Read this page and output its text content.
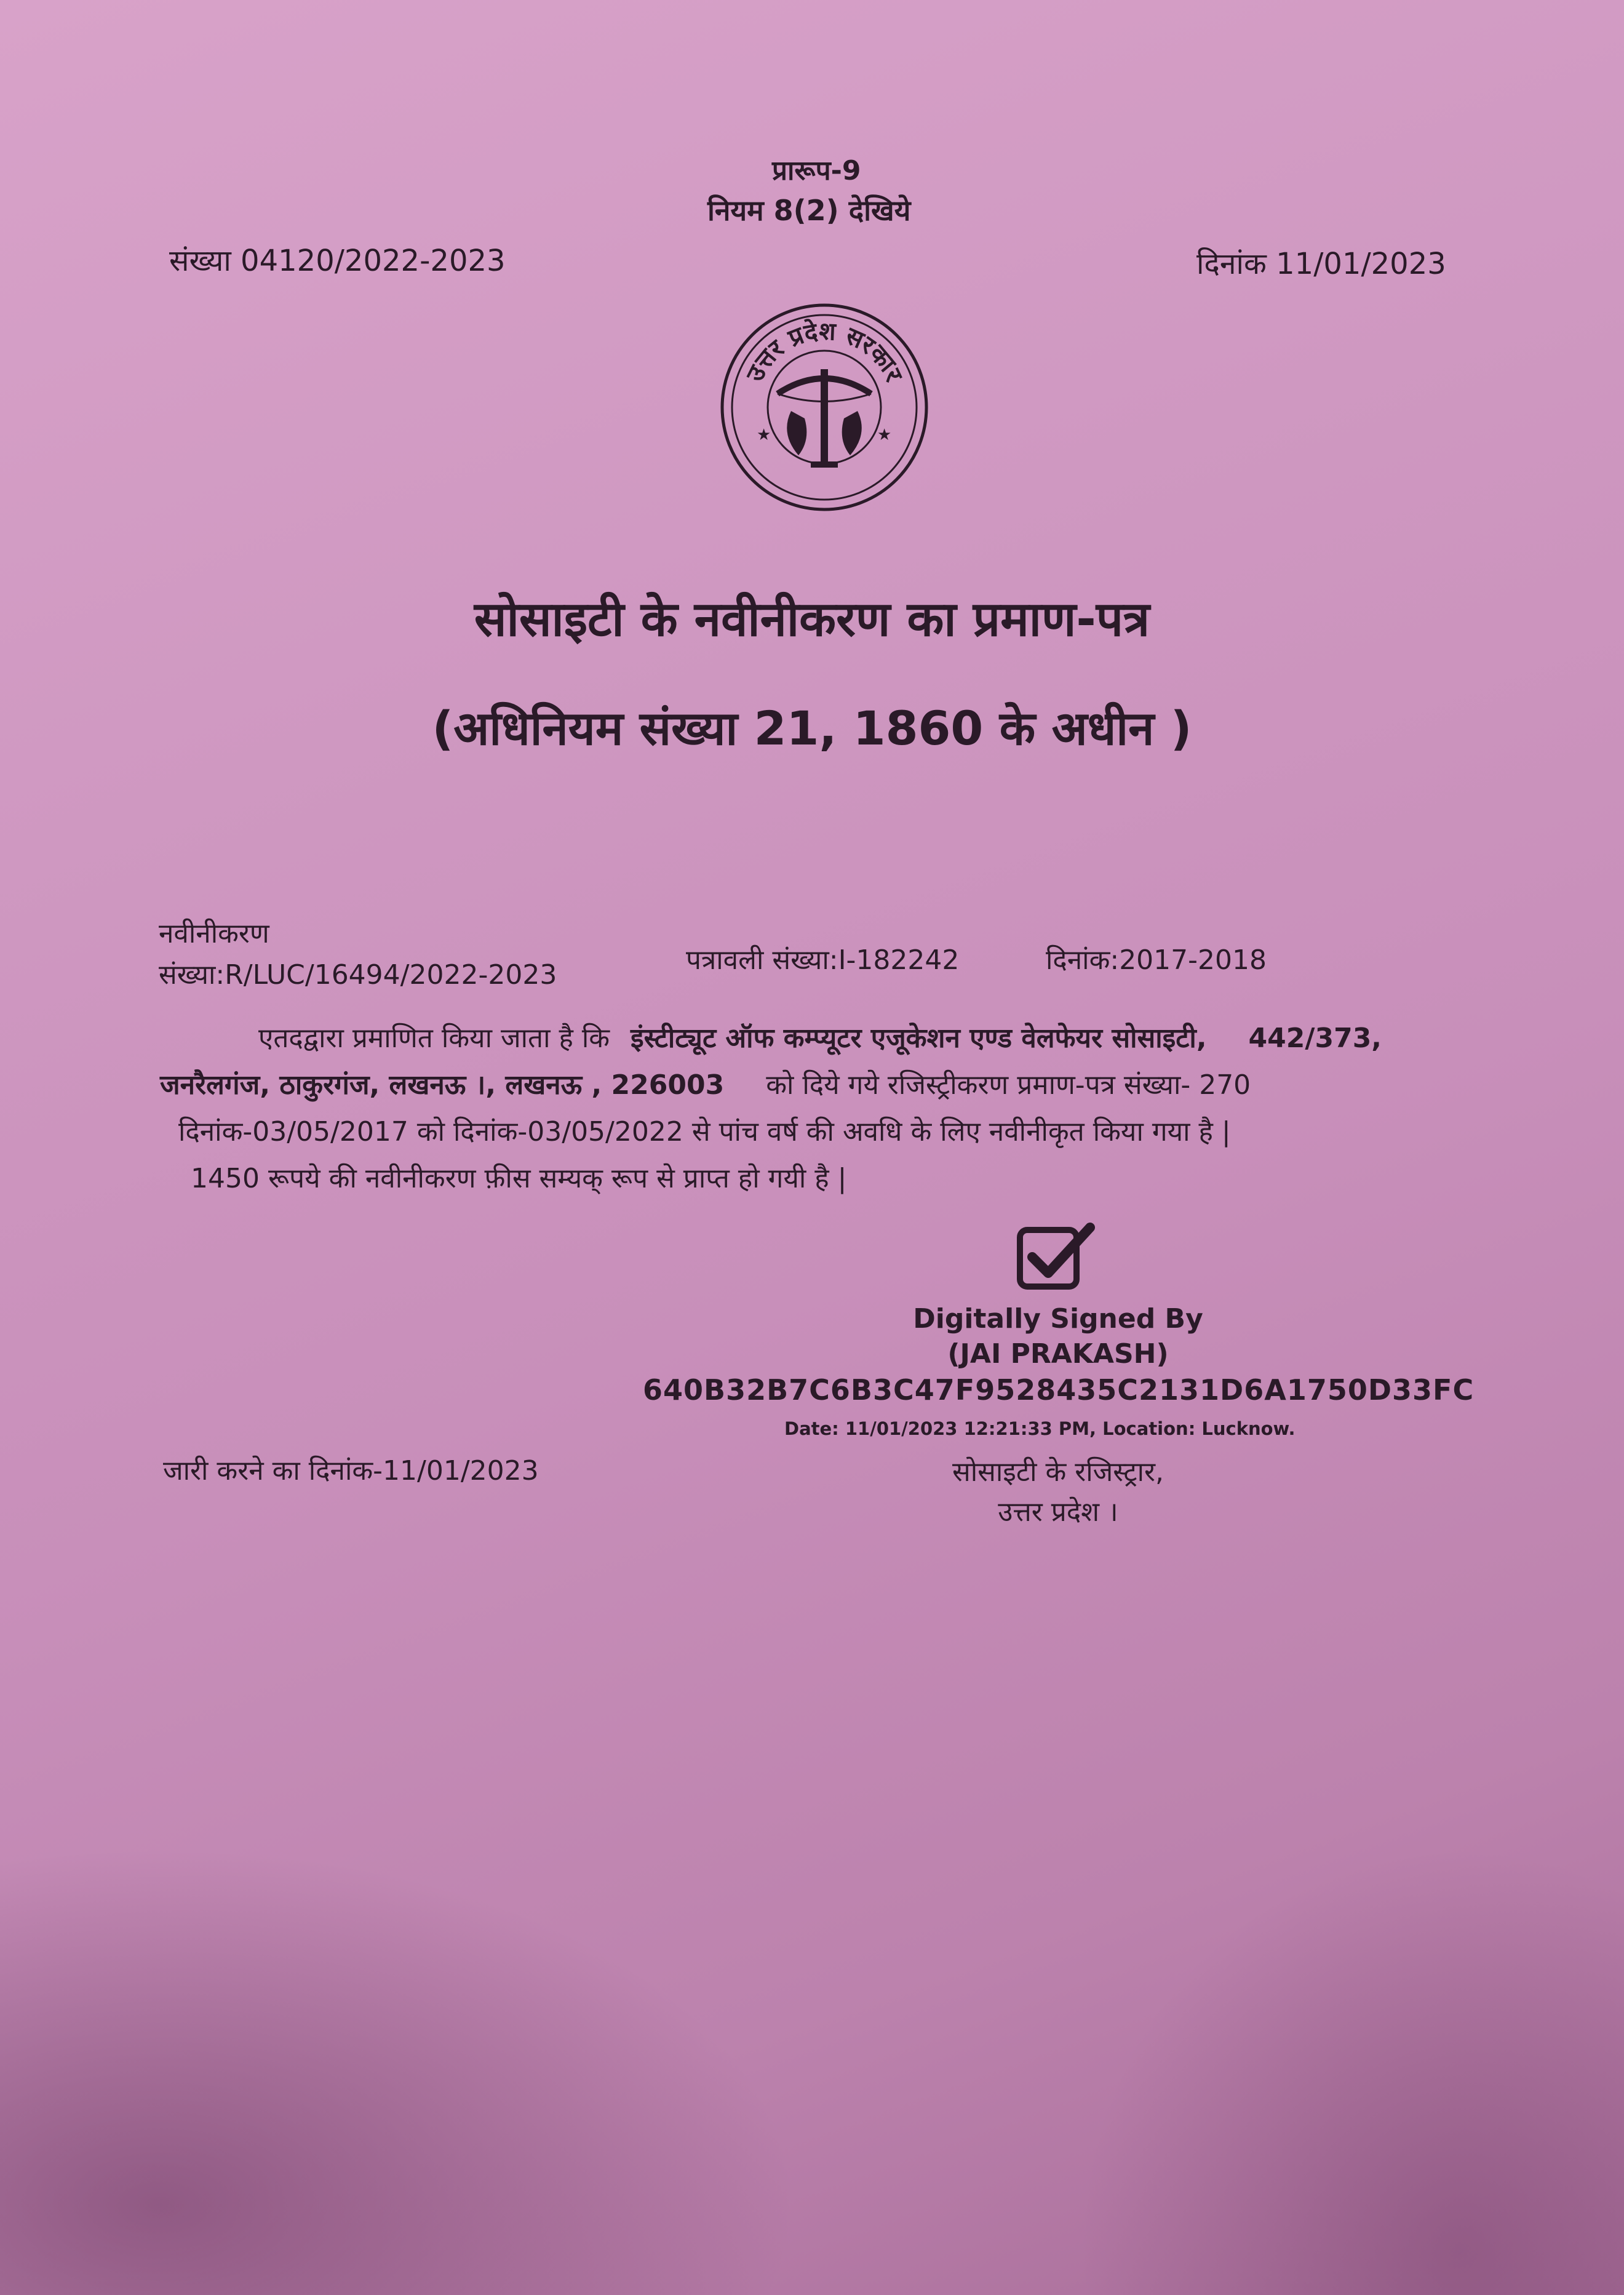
प्रारूप-9
नियम 8(2) देखिये
संख्या 04120/2022-2023	दिनांक 11/01/2023
उत्तर प्रदेश सरकार
★	★
सोसाइटी के नवीनीकरण का प्रमाण-पत्र
(अधिनियम संख्या 21, 1860 के अधीन )
नवीनीकरण
संख्या:R/LUC/16494/2022-2023	पत्रावली संख्या:I-182242	दिनांक:2017-2018

एतदद्वारा प्रमाणित किया जाता है कि इंस्टीट्यूट ऑफ कम्प्यूटर एजूकेशन एण्ड वेलफेयर सोसाइटी, 442/373,

जनरैलगंज, ठाकुरगंज, लखनऊ ।, लखनऊ , 226003 को दिये गये रजिस्ट्रीकरण प्रमाण-पत्र संख्या- 270

दिनांक-03/05/2017 को दिनांक-03/05/2022 से पांच वर्ष की अवधि के लिए नवीनीकृत किया गया है |

1450 रूपये की नवीनीकरण फ़ीस सम्यक् रूप से प्राप्त हो गयी है |

Digitally Signed By
(JAI PRAKASH)
640B32B7C6B3C47F9528435C2131D6A1750D33FC
Date: 11/01/2023 12:21:33 PM, Location: Lucknow.
जारी करने का दिनांक-11/01/2023	सोसाइटी के रजिस्ट्रार,
उत्तर प्रदेश ।
